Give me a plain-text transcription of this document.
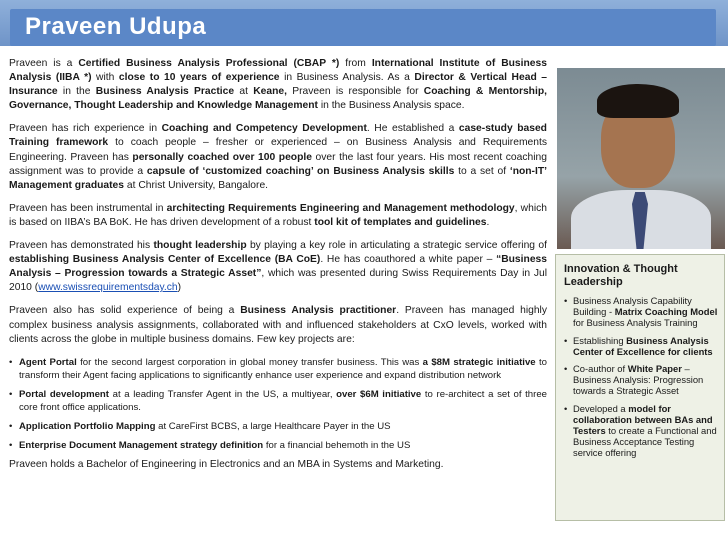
Praveen Udupa

Praveen is a Certified Business Analysis Professional (CBAP *) from International Institute of Business Analysis (IIBA *) with close to 10 years of experience in Business Analysis. As a Director & Vertical Head – Insurance in the Business Analysis Practice at Keane, Praveen is responsible for Coaching & Mentorship, Governance, Thought Leadership and Knowledge Management in the Business Analysis space.

Praveen has rich experience in Coaching and Competency Development. He established a case-study based Training framework to coach people – fresher or experienced – on Business Analysis and Requirements Engineering. Praveen has personally coached over 100 people over the last four years. His most recent coaching assignment was to provide a capsule of ‘customized coaching’ on Business Analysis skills to a set of ‘non-IT’ Management graduates at Christ University, Bangalore.

Praveen has been instrumental in architecting Requirements Engineering and Management methodology, which is based on IIBA’s BA BoK. He has driven development of a robust tool kit of templates and guidelines.

Praveen has demonstrated his thought leadership by playing a key role in articulating a strategic service offering of establishing Business Analysis Center of Excellence (BA CoE). He has coauthored a white paper – “Business Analysis – Progression towards a Strategic Asset”, which was presented during Swiss Requirements Day in Jul 2010 (www.swissrequirementsday.ch)

Praveen also has solid experience of being a Business Analysis practitioner. Praveen has managed highly complex business analysis assignments, collaborated with and influenced stakeholders at CxO levels, worked with clients across the globe in multiple business domains. Few key projects are:

• Agent Portal for the second largest corporation in global money transfer business. This was a $8M strategic initiative to transform their Agent facing applications to significantly enhance user experience and expand distribution network
• Portal development at a leading Transfer Agent in the US, a multiyear, over $6M initiative to re-architect a set of three core front office applications.
• Application Portfolio Mapping at CareFirst BCBS, a large Healthcare Payer in the US
• Enterprise Document Management strategy definition for a financial behemoth in the US

Praveen holds a Bachelor of Engineering in Electronics and an MBA in Systems and Marketing.

Innovation & Thought Leadership
• Business Analysis Capability Building - Matrix Coaching Model for Business Analysis Training
• Establishing Business Analysis Center of Excellence for clients
• Co-author of White Paper – Business Analysis: Progression towards a Strategic Asset
• Developed a model for collaboration between BAs and Testers to create a Functional and Business Acceptance Testing service offering
